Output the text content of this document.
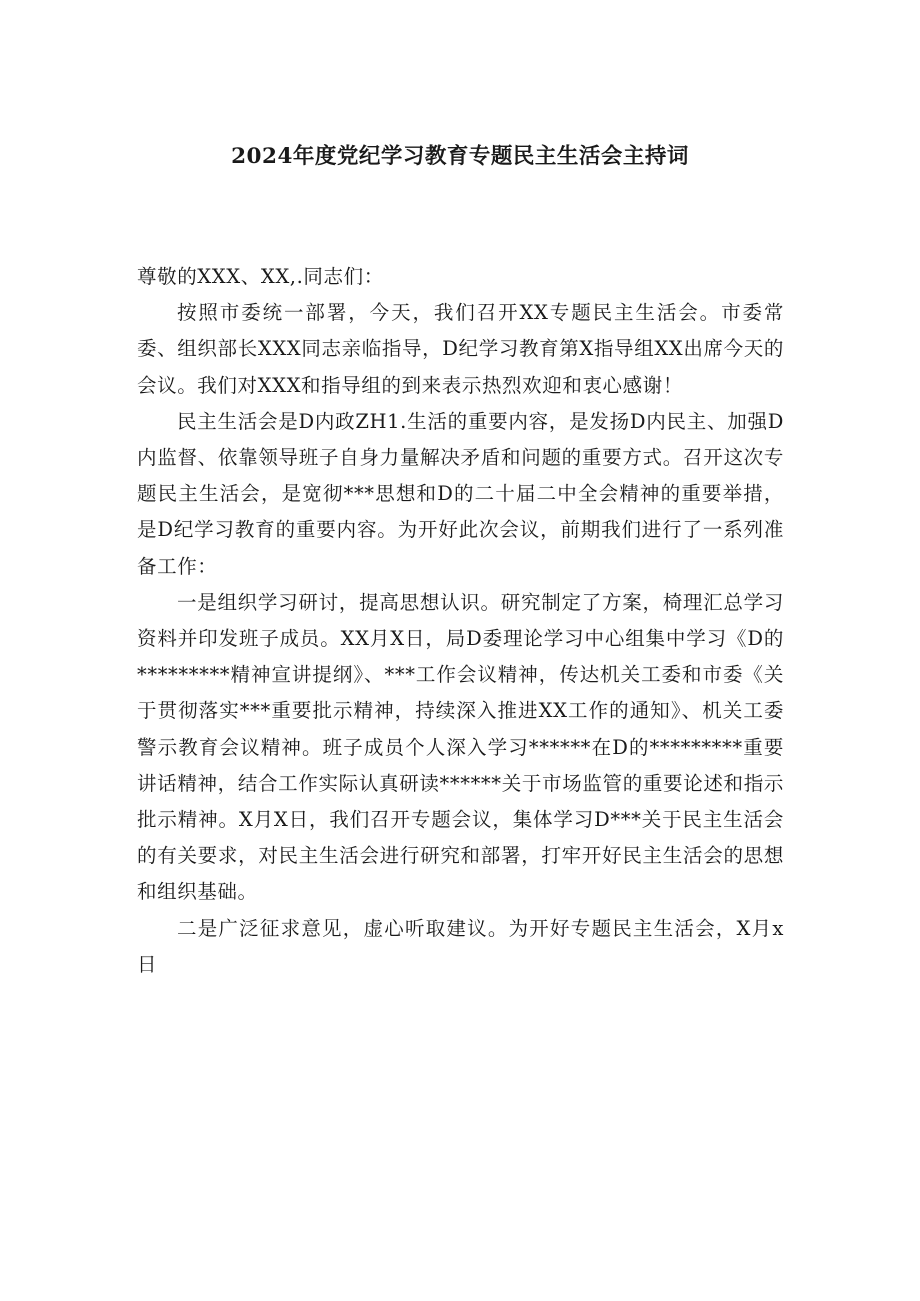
2024年度党纪学习教育专题民主生活会主持词

尊敬的XXX、XX,.同志们：

按照市委统一部署，今天，我们召开XX专题民主生活会。市委常委、组织部长XXX同志亲临指导，D纪学习教育第X指导组XX出席今天的会议。我们对XXX和指导组的到来表示热烈欢迎和衷心感谢！

民主生活会是D内政ZH1.生活的重要内容，是发扬D内民主、加强D内监督、依靠领导班子自身力量解决矛盾和问题的重要方式。召开这次专题民主生活会，是宽彻***思想和D的二十届二中全会精神的重要举措，是D纪学习教育的重要内容。为开好此次会议，前期我们进行了一系列准备工作：

一是组织学习研讨，提高思想认识。研究制定了方案，椅理汇总学习资料并印发班子成员。XX月X日，局D委理论学习中心组集中学习《D的*********精神宣讲提纲》、***工作会议精神，传达机关工委和市委《关于贯彻落实***重要批示精神，持续深入推进XX工作的通知》、机关工委警示教育会议精神。班子成员个人深入学习******在D的*********重要讲话精神，结合工作实际认真研读******关于市场监管的重要论述和指示批示精神。X月X日，我们召开专题会议，集体学习D***关于民主生活会的有关要求，对民主生活会进行研究和部署，打牢开好民主生活会的思想和组织基础。

二是广泛征求意见，虚心听取建议。为开好专题民主生活会，X月x日
